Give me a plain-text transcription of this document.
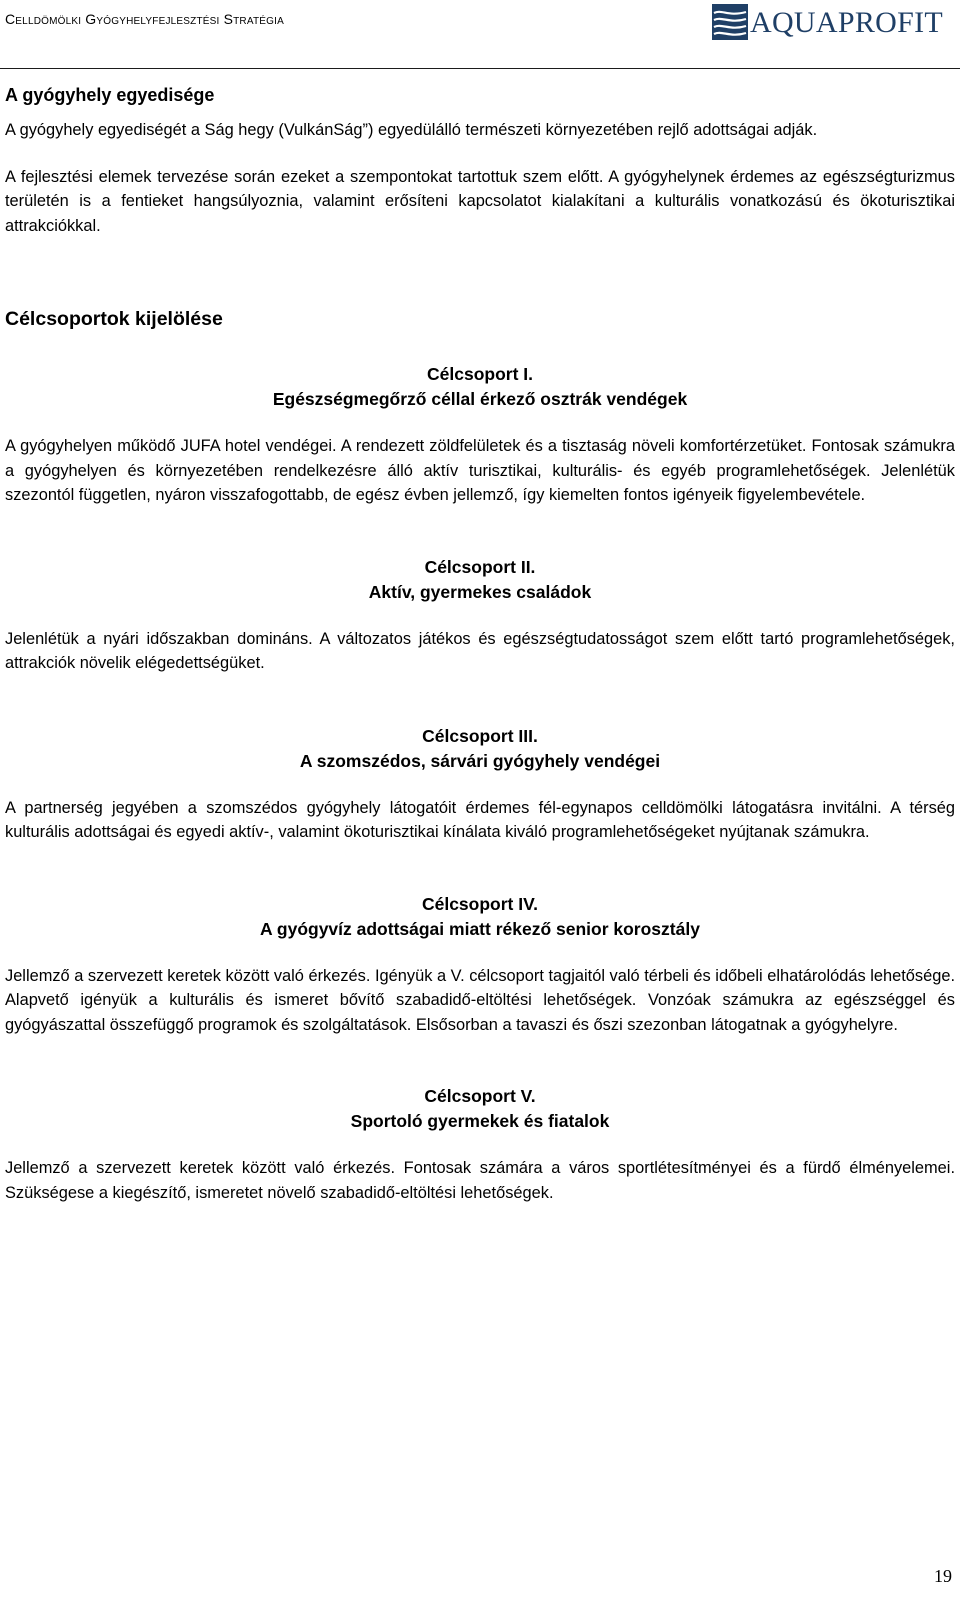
Celldömölki Gyógyhelyfejlesztési Stratégia	AQUAPROFIT

A gyógyhely egyedisége

A gyógyhely egyediségét a Ság hegy (VulkánSág”) egyedülálló természeti környezetében rejlő adottságai adják.

A fejlesztési elemek tervezése során ezeket a szempontokat tartottuk szem előtt. A gyógyhelynek érdemes az egészségturizmus területén is a fentieket hangsúlyoznia, valamint erősíteni kapcsolatot kialakítani a kulturális vonatkozású és ökoturisztikai attrakciókkal.

Célcsoportok kijelölése

Célcsoport I.

Egészségmegőrző céllal érkező osztrák vendégek

A gyógyhelyen működő JUFA hotel vendégei. A rendezett zöldfelületek és a tisztaság növeli komfortérzetüket. Fontosak számukra a gyógyhelyen és környezetében rendelkezésre álló aktív turisztikai, kulturális- és egyéb programlehetőségek. Jelenlétük szezontól független, nyáron visszafogottabb, de egész évben jellemző, így kiemelten fontos igényeik figyelembevétele.

Célcsoport II.

Aktív, gyermekes családok

Jelenlétük a nyári időszakban domináns. A változatos játékos és egészségtudatosságot szem előtt tartó programlehetőségek, attrakciók növelik elégedettségüket.

Célcsoport III.

A szomszédos, sárvári gyógyhely vendégei

A partnerség jegyében a szomszédos gyógyhely látogatóit érdemes fél-egynapos celldömölki látogatásra invitálni. A térség kulturális adottságai és egyedi aktív-, valamint ökoturisztikai kínálata kiváló programlehetőségeket nyújtanak számukra.

Célcsoport IV.

A gyógyvíz adottságai miatt rékező senior korosztály

Jellemző a szervezett keretek között való érkezés. Igényük a V. célcsoport tagjaitól való térbeli és időbeli elhatárolódás lehetősége. Alapvető igényük a kulturális és ismeret bővítő szabadidő-eltöltési lehetőségek. Vonzóak számukra az egészséggel és gyógyászattal összefüggő programok és szolgáltatások. Elsősorban a tavaszi és őszi szezonban látogatnak a gyógyhelyre.

Célcsoport V.

Sportoló gyermekek és fiatalok

Jellemző a szervezett keretek között való érkezés. Fontosak számára a város sportlétesítményei és a fürdő élményelemei. Szükségese a kiegészítő, ismeretet növelő szabadidő-eltöltési lehetőségek.

19
